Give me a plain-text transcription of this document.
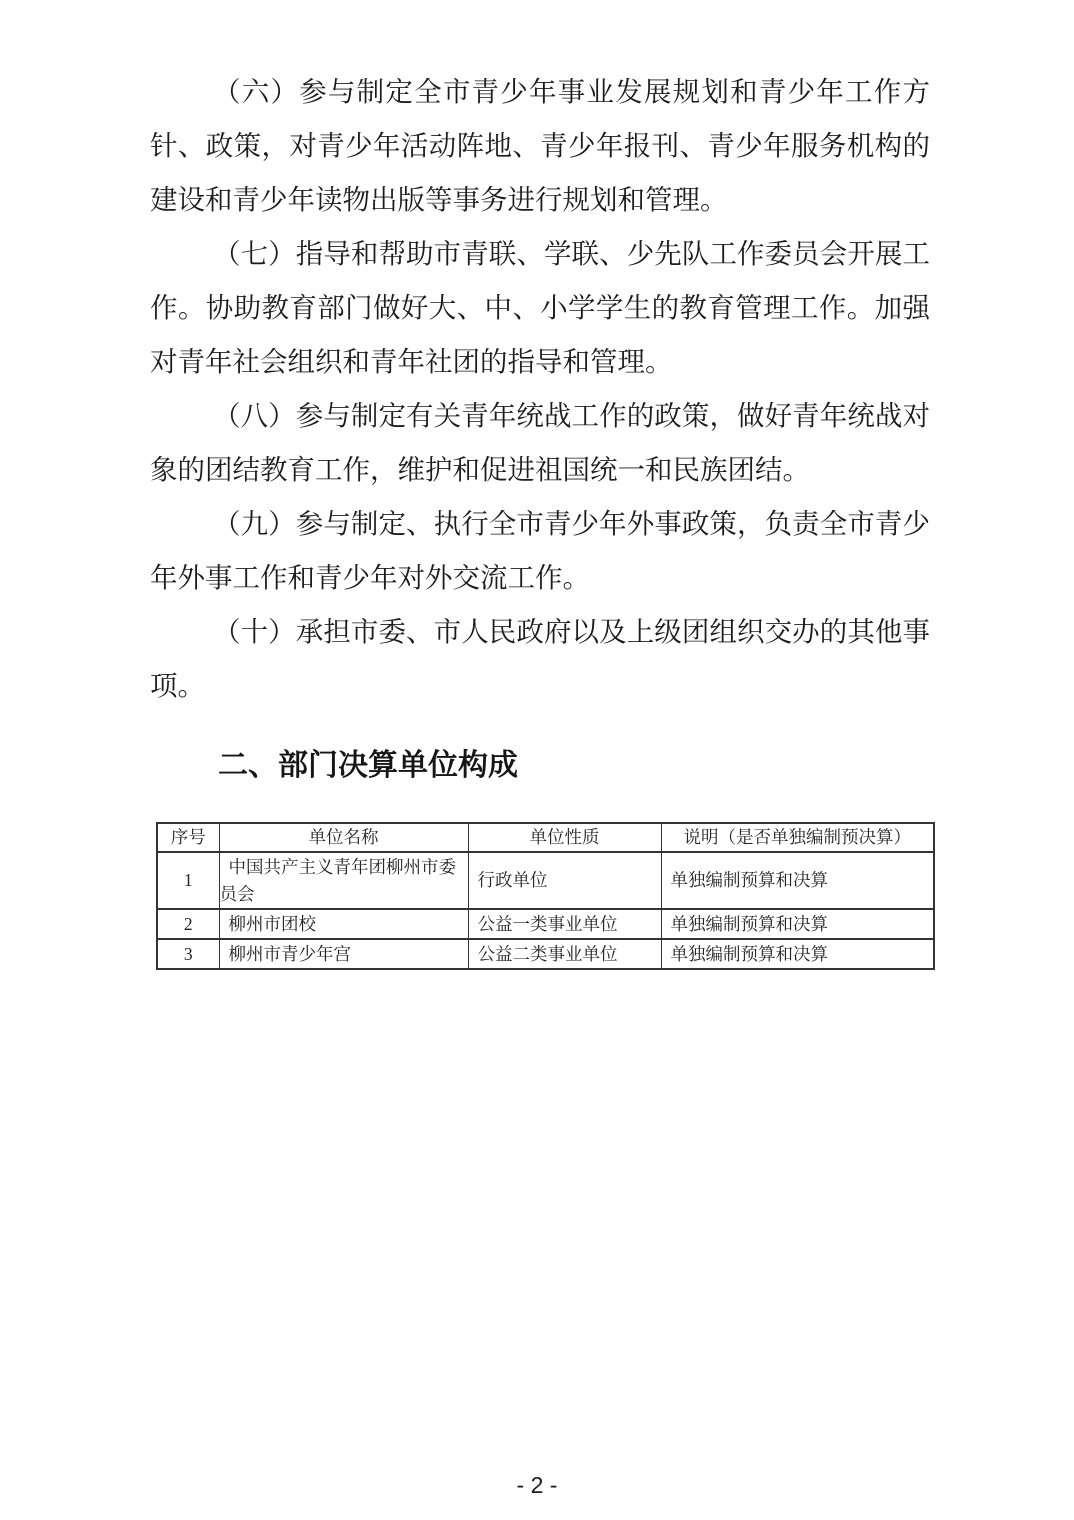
（六）参与制定全市青少年事业发展规划和青少年工作方
针、政策，对青少年活动阵地、青少年报刊、青少年服务机构的
建设和青少年读物出版等事务进行规划和管理。
（七）指导和帮助市青联、学联、少先队工作委员会开展工
作。协助教育部门做好大、中、小学学生的教育管理工作。加强
对青年社会组织和青年社团的指导和管理。
（八）参与制定有关青年统战工作的政策，做好青年统战对
象的团结教育工作，维护和促进祖国统一和民族团结。
（九）参与制定、执行全市青少年外事政策，负责全市青少
年外事工作和青少年对外交流工作。
（十）承担市委、市人民政府以及上级团组织交办的其他事
项。
二、部门决算单位构成
序号	单位名称	单位性质	说明（是否单独编制预决算）
1	中国共产主义青年团柳州市委员会	行政单位	单独编制预算和决算
2	柳州市团校	公益一类事业单位	单独编制预算和决算
3	柳州市青少年宫	公益二类事业单位	单独编制预算和决算
- 2 -
